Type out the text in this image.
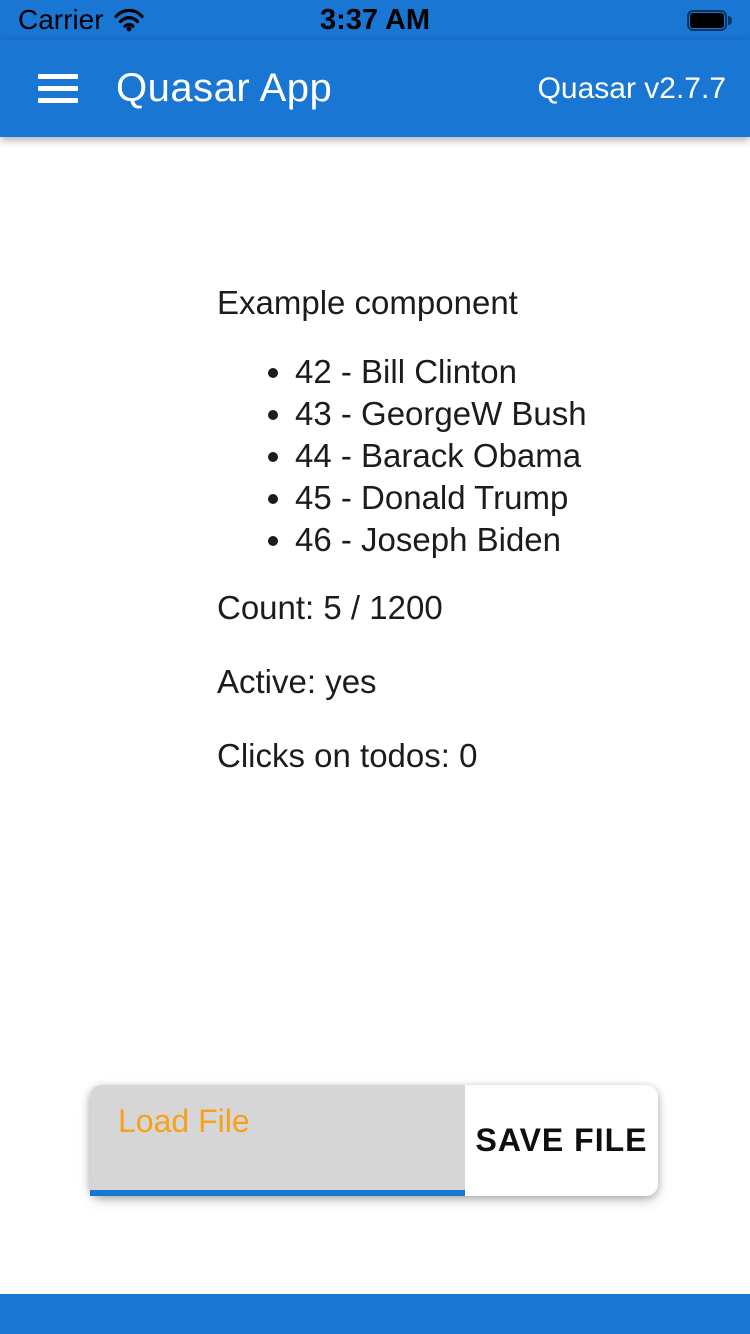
Carrier	3:37 AM
Quasar App	Quasar v2.7.7
Example component
• 42 - Bill Clinton
• 43 - GeorgeW Bush
• 44 - Barack Obama
• 45 - Donald Trump
• 46 - Joseph Biden

Count: 5 / 1200

Active: yes

Clicks on todos: 0

Load File
SAVE FILE
